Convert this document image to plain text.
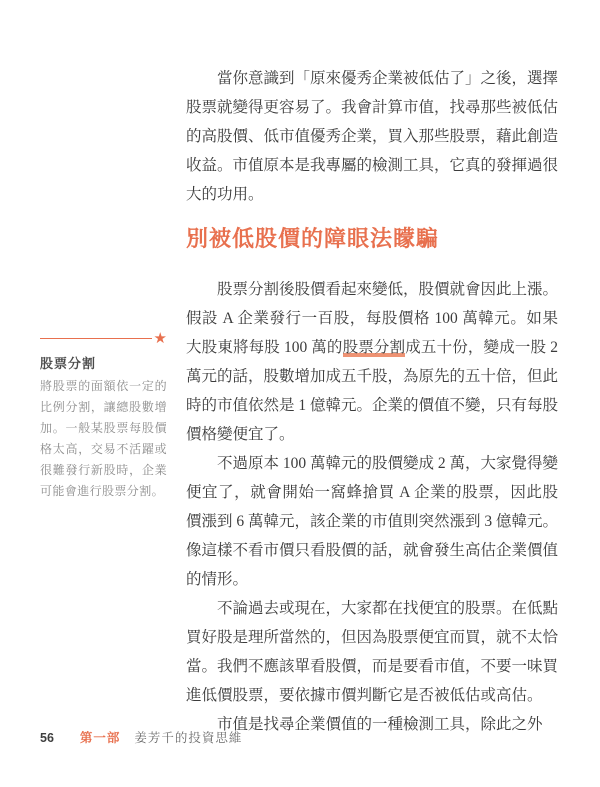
當你意識到「原來優秀企業被低估了」之後，選擇股票就變得更容易了。我會計算市值，找尋那些被低估的高股價、低市值優秀企業，買入那些股票，藉此創造收益。市值原本是我專屬的檢測工具，它真的發揮過很大的功用。

別被低股價的障眼法矇騙

股票分割後股價看起來變低，股價就會因此上漲。假設 A 企業發行一百股，每股價格 100 萬韓元。如果大股東將每股 100 萬的股票分割成五十份，變成一股 2 萬元的話，股數增加成五千股，為原先的五十倍，但此時的市值依然是 1 億韓元。企業的價值不變，只有每股價格變便宜了。

不過原本 100 萬韓元的股價變成 2 萬，大家覺得變便宜了，就會開始一窩蜂搶買 A 企業的股票，因此股價漲到 6 萬韓元，該企業的市值則突然漲到 3 億韓元。像這樣不看市價只看股價的話，就會發生高估企業價值的情形。

不論過去或現在，大家都在找便宜的股票。在低點買好股是理所當然的，但因為股票便宜而買，就不太恰當。我們不應該單看股價，而是要看市值，不要一味買進低價股票，要依據市價判斷它是否被低估或高估。

市值是找尋企業價值的一種檢測工具，除此之外

★
股票分割

將股票的面額依一定的比例分割，讓總股數增加。一般某股票每股價格太高，交易不活躍或很難發行新股時，企業可能會進行股票分割。

56 第一部 姜芳千的投資思維
